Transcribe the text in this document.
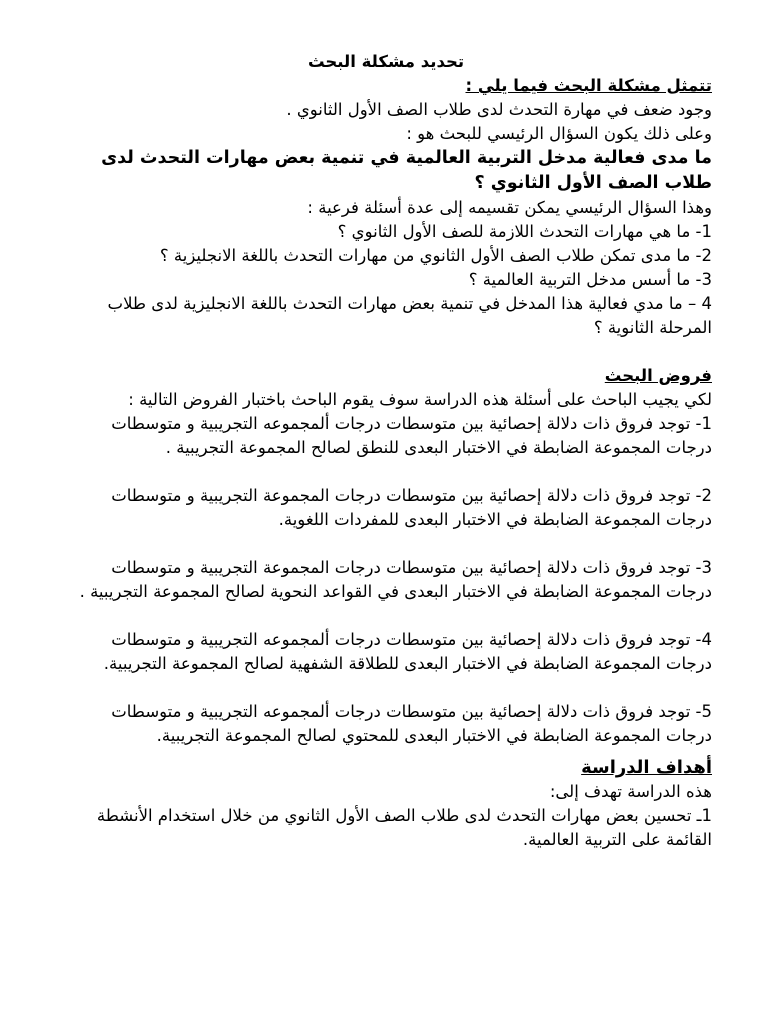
تحديد مشكلة البحث

تتمثل مشكلة البحث فيما يلي :

وجود ضعف في مهارة التحدث لدى طلاب الصف الأول الثانوي .

وعلى ذلك يكون السؤال الرئيسي للبحث هو :

ما مدى فعالية مدخل التربية العالمية في تنمية بعض مهارات التحدث لدى طلاب الصف الأول الثانوي ؟

وهذا السؤال الرئيسي يمكن تقسيمه إلى عدة أسئلة فرعية :

1- ما هي مهارات التحدث اللازمة للصف الأول الثانوي ؟

2- ما مدى تمكن طلاب الصف الأول الثانوي من مهارات التحدث باللغة الانجليزية ؟

3- ما أسس مدخل التربية العالمية ؟

4 – ما مدي فعالية هذا المدخل في تنمية بعض مهارات التحدث باللغة الانجليزية لدى طلاب المرحلة الثانوية ؟

فروض البحث

لكي يجيب الباحث على أسئلة هذه الدراسة سوف يقوم الباحث باختبار الفروض التالية :

1- توجد فروق ذات دلالة إحصائية بين متوسطات درجات ألمجموعه التجريبية و متوسطات درجات المجموعة الضابطة في الاختبار البعدى للنطق لصالح المجموعة التجريبية .

2- توجد فروق ذات دلالة إحصائية بين متوسطات درجات المجموعة التجريبية و متوسطات درجات المجموعة الضابطة في الاختبار البعدى للمفردات اللغوية.

3- توجد فروق ذات دلالة إحصائية بين متوسطات درجات المجموعة التجريبية و متوسطات درجات المجموعة الضابطة في الاختبار البعدى في القواعد النحوية لصالح المجموعة التجريبية .

4- توجد فروق ذات دلالة إحصائية بين متوسطات درجات ألمجموعه التجريبية و متوسطات درجات المجموعة الضابطة في الاختبار البعدى للطلاقة الشفهية لصالح المجموعة التجريبية.

5- توجد فروق ذات دلالة إحصائية بين متوسطات درجات ألمجموعه التجريبية و متوسطات درجات المجموعة الضابطة في الاختبار البعدى للمحتوي لصالح المجموعة التجريبية.

أهداف الدراسة

هذه الدراسة تهدف إلى:

1ـ تحسين بعض مهارات التحدث لدى طلاب الصف الأول الثانوي من خلال استخدام الأنشطة القائمة على التربية العالمية.
